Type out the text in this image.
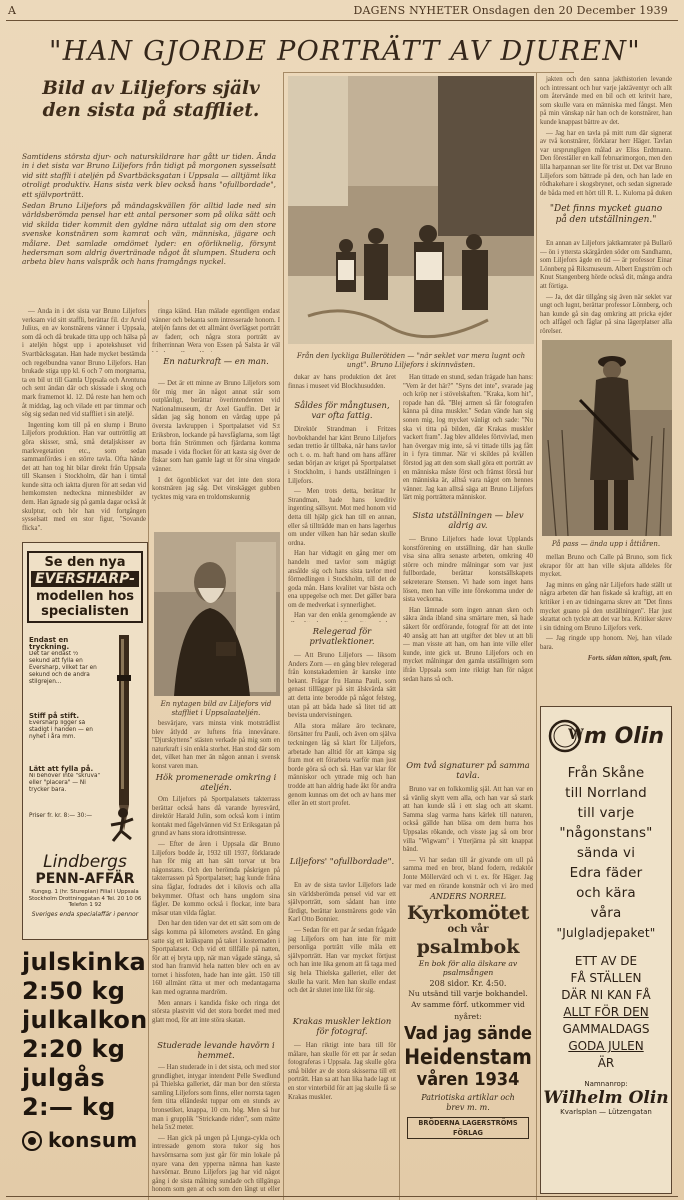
A	DAGENS NYHETER Onsdagen den 20 December 1939
"HAN GJORDE PORTRÄTT AV DJUREN"
Bild av Liljefors själv den sista på staffliet.
Samtidens största djur- och naturskildrare har gått ur tiden. Ända in i det sista var Bruno Liljefors från tidigt på morgonen sysselsatt vid sitt staffli i ateljén på Svartbäcksgatan i Uppsala — alltjämt lika otroligt produktiv. Hans sista verk blev också hans "ofullbordade", ett självporträtt.
Sedan Bruno Liljefors på mändagskvällen för alltid lade ned sin världsberömda pensel har ett antal personer som på olika sätt och vid skilda tider kommit den gyldne nära uttalat sig om den store svenske konstnären som kamrat och vän, människa, jägare och målare. Det samlade omdömet lyder: en oförliknelig, försynt hedersman som aldrig övertränade något åt slumpen. Studera och arbeta blev hans valspråk och hans framgångs nyckel.

— Ända in i det sista var Bruno Liljefors verksam vid sitt staffli, berättar fil. d:r Arvid Julius, en av konstnärens vänner i Uppsala, som då och då brukade titta upp och hälsa på i ateljén högst upp i apotekshuset vid Svartbäcksgatan. Han hade mycket bestämda och regelbundna vanor Bruno Liljefors. Han brukade stiga upp kl. 6 och 7 om morgnarna, ta en bil ut till Gamla Uppsala och Arentuna och sent ändan där och skissade i skog och mark framemot kl. 12. Då reste han hem och åt middag, lag och vilade ett par timmar och sög sig sedan ned vid staffliet i sin ateljé.

Ingenting kom till på en slump i Bruno Liljefors produktion. Han var outtröttlig att göra skisser, små, små detaljskisser av markvegetation etc., som sedan sammanfördes i en större tavla. Ofta hände det att han tog hit bilar direkt från Uppsala till Skansen i Stockholm, där han i timtal kunde sitta och iaktta djuren för att sedan vid hemkomsten nedteckna minnesbilder av dem. Han ägnade sig på gamla dagar också åt skulptur, och hör han vid fortgången sysselsatt med en stor figur, "Sovande flicka".

Se den nya
EVERSHARP-
modellen hos
specialisten
Endast en tryckning.
Det tar endast ½ sekund att fylla en Eversharp, vilket tar en sekund och de andra stilgrejen...
Stiff på stift.
Eversharp ligger så stadigt i handen — en nyhet i åra mm.
Lätt att fylla på.
Ni behöver inte "skruva" eller "placera" — Ni trycker bara.
Priser fr. kr. 8:— 30:—
Lindbergs
PENN-AFFÄR
Kungsg. 1 (hr. Stureplan) Filial i Uppsala Stockholm Drottninggatan 4 Tel. 20 10 06 Telefon 1 92
Sveriges enda specialaffär i pennor
julskinka
2:50 kg
julkalkon
2:20 kg
julgås
2:— kg
konsum

ringa kiänd. Han målade egentligen endast vänner och bekanta som intresserade honom. I ateljén fanns det ett allmänt överlägset porträtt av faderr, och några stora porträtt av friherrinnan Wera von Essen på Salsta är väl

En naturkraft — en man.

— Det är ett minne av Bruno Liljefors som för mig mer än något annat står som outplånligt, berättar överintendenten vid Nationalmuseum, d:r Axel Gauffin. Det är sådan jag såg honom en vårdag uppe på översta lavkruppen i Sportpalatset vid S:t Eriksbron, lockande på havsfåglarna, som lågt borta från Strömmen och fjärdarna komma masade i vida flocket för att kasta sig över de fiskar som han gamle lagt ut för sina vingade vänner.

I det ögonblicket var det inte den stora konstnären jag såg. Det vinskägget gubben tycktes mig vara en troldomskunnig

En nytagen bild av Liljefors vid staffliet i Uppsalaateljén.

besvärjare, vars minsta vink motsträdlist blev åtlydd av luftens fria innevånare. "Djurskyttens" stästen verkade på mig som en naturkraft i sin enkla storhet. Han stod där som det, vilket han mer än någon annan i svensk konst varen man.

Hök promenerade omkring i ateljén.

Om Liljefors på Sportpalatsets takterrass berättar också hans då varande hyresvärd, direktör Harald Julin, som också kom i intim kontakt med fågelvännen vid S:t Eriksgatan på grund av hans stora idrottsintresse.

— Efter de åren i Uppsala där Bruno Liljefors bodde år, 1932 till 1937, förklarade han för mig att han sätt torvar ut bra någonstans. Och den berömda påskrigen på takterrassen på Sportpalatset; hag kunde fråna sina fåglar, fodrades det i kilovis och alla bekymmer. Oftast och hans ungdom sina fågler. De kommo också i flockar, inte bara måsar utan vilda fåglar.

Den har den tiden var det ett sätt som om de sågs komma på kilometers avstånd. En gång satte sig ett kräkspann på taket i kostemaden i Sportpalatset. Och vid ett tillfälle på natten, för att ej bryta upp, när man vågade stänga, så stod han framvid hela natten blev och en av tornet i hissfoten, hade han inte gått. 150 till 160 allmänt rätta ut mer och medantagarna kan med ogranna mardröm.

Men annars i kandida fiske och ringa det största plastvitt vid det stora bordet med med glatt mod, för att inte störa skatan.

Studerade levande havörn i hemmet.

— Han studerade in i det sista, och med stor grundlighet, intygar intendent Pelle Swedlund på Thielska galleriet, där man bor den största samling Liljefors som finns, eller norrsta tagen fem titta elländeskt tuppar om en stunds av bronsetiket, knappa, 10 cm. hög. Men så hur man i grupplik "Strickande riden", som mätte hela 5x2 meter.

— Han gick på ungen på Ljunga-cykla och intressade genom stora tukor sig hos havsörnsarna som just går för min lokale på nyare vana den ypperna nämna han kaste havsörnar. Bruno Liljefors jag har vid något gång i de sista målning sundade och tillgänga honom som gen at och som den långt ut eller

Från den lyckliga Bullerötiden — "när seklet var mera lugnt och ungt". Bruno Liljefors i skinnvästen.

dukar av hans produktion det året finnas i museet vid Blockhusudden.

Såldes för mångtusen, var ofta fattig.

Direktör Strandman i Fritzes hovbokhandel har känt Bruno Liljefors sedan trettio år tillbaka, när hans tavlor och t. o. m. haft hand om hans affärer sedan början av kriget på Sportpalatset i Stockholm, i hands utställningen i Liljefors.

— Men trots detta, berättar hr Strandman, hade hans kreditiv ingenting sällsynt. Mot med honom vid detta till hjälp gick han till en annan, eller så tillträdde man en hans lagerhus om under vilken han här sedan skulle ordna.

Han har vidtagit en gång mer om handeln med tavlor som mägtigt ansålde sig och hans sista tavlor med förmedlingen i Stockholm, till det de goda mån. Hans kvalitet var bästa och ena uppegelse och mer. Det gäller bara om de medverkat i synnerlighet.

Han var den enkla genomgående av

Relegerad för privatlektioner.

— Att Bruno Liljefors — liksom Anders Zorn — en gång blev relegerad från konstakademien är kanske inte bekant. Frågar fru Hanna Pauli, som genast tilllägger på sitt älskvärda sätt att detta inte berodde på något felsteg, utan på att båda hade så litet tid att bevista undervisningen.

Alla stora målare äro tecknare, förtsätter fru Pauli, och även om själva teckningen låg så klart för Liljefors, arbetade han alltid för att kämpa sig fram mot ett förarbeta varför man just borde göra så och så. Han var klar för människor och yttrade mig och han trodde att han aldrig hade åkt för andra genom kunnas om det och av hans mer eller än ett stort profet.

Liljefors' "ofullbordade".

En av de sista tavlor Liljefors lade sin världsberömda pensel vid var ett självporträtt, som sådant han inte färdigt, berättar konstnärens gode vän Karl Otto Bonnier.

— Sedan för ett par år sedan frågade jag Liljefors om han inte för mitt personliga porträtt ville måla ett självporträtt. Han var mycket förtjust och han inte lika genom att få taga med sig hela Thielska galleriet, eller det skulle ha varit. Men han skulle endast och det är slutet inte likt för sig.

Krakas muskler lektion för fotograf.

— Han riktigt inte bara till för målare, han skulle för ett par år sedan fotograferas i Uppsala. Jag skulle göra små bilder av de stora skisserna till ett porträtt. Han sa att han lika hade lagt ut en stor vinterbild för att jag skulle få se Krakas muskler.

Han tittade en stund, sedan frågade han hans: "Vem är det här?" "Syns det inte", svarade jag och kröp ner i stövelskaften. "Kraka, kom hit", ropade han då. "Blej armen så får fotografen känna på dina muskler." Sedan vände han sig sonen mig, log mycket vänligt och sade: "Nu ska vi titta på bilden, där Krakas muskler vackert fram". Jag blev alldeles förtvivlad, men han övergav mig inte, så vi tittade tills jag fått in i fyra timmar. När vi skildes på kvällen förstod jag att den som skall göra ett porträtt av en människa måste först och främst förstå hur en människa är, alltså vara något om hennes vänner. Jag kan alltså säga att Bruno Liljefors lärt mig porträttera människor.

Sista utställningen — blev aldrig av.

— Bruno Liljefors hade lovat Upplands konstförening en utställning, där han skulle visa sina allra senaste arbeten, omkring 40 större och mindre målningar som var just fullbordade, berättar konstsällskapets sekreterare Stensen. Vi hade som inget hans lösen, men han ville inte förekomma under de sista veckorna.

Han lämnade som ingen annan sken och säkra ända ibland sina smärtare men, så hade säkert för ordförande, fotograf för att det inte 40 ansåg att han att utgifter det blev ut att bli — man visste att han, om han inte ville eller kunde, inte gick ut. Bruno Liljefors och en mycket målningar den gamla utställnigen som ifrån Uppsala som inte riktigt han för något sedan hans så och.

Om två signaturer på samma tavla.

Bruno var en folkkomlig själ. Att han var en så vänlig skytt vem alla, och han var så stark att han kunde slå i ett slag och att skamt. Samma slag varma hans kärlek till naturen, också gällde han bläsa om dem hurra hos Uppsalas rökande, och visste jag så om bror villa "Wigwam" i Ytterjärna på sitt knappat bänd.

— Vi har sedan till år givande om ull på samma med en bror, bland fodern, redaktör Jonte Möllervärd och vi t. ex. för Häger. Jag var med en rörande konstnär och vi äro med

ANDERS NORREL
Kyrkomötet
och vår
psalmbok
En bok för alla älskare av psalmsången
208 sidor. Kr. 4:50.
Nu utsänd till varje bokhandel.
Av samme förf. utkommer vid nyåret:
Vad jag sände
Heidenstam
våren 1934
Patriotiska artiklar och brev m. m.
BRÖDERNA LAGERSTRÖMS FÖRLAG

jakten och den sanna jakthistorien levande och intressant och hur varje jaktäventyr och allt om återvände med en bil och ett kritvit hare, som skulle vara en människa med fångst. Men på min vänskap när han och de konstnärer, han kunde knappast bättre av det.

— Jag har en tavla på mitt rum där signerat av två konstnärer, förklarar herr Häger. Tavlan var ursprungligen målad av Eliss Erdtmann. Den föreställer en kall februarimorgon, men den lilla harpannan ser lite för trist ut. Det var Bruno Liljefors som bättrade på den, och han lade en rödhakehare i skogsbrynet, och sedan signerade de båda med ett hört till R. L. Kulorna på duken

"Det finns mycket guano på den utställningen."

En annan av Liljefors jaktkamrater på Bullarö — ön i yttersta skärgården söder om Sandhamn, som Liljefors ägde en tid — är professor Einar Lönnberg på Riksmuseum. Albert Engström och Knut Stangenberg hörde också dit, många andra att förtiga.

— Ja, det där tillgång sig även när seklet var ungt och lugnt, berättar professor Lönnberg, och han kunde gå sin dag omkring att pricka ejder och alfågel och fåglar på sina lägerplatser alla rörelser.

På pass — ända upp i åttiåren.

mellan Bruno och Calle på Bruno, som fick ekrapor för att han ville skjuta alldeles för mycket.

Jag minns en gång när Liljefors hade ställt ut några arbeten där han fiskade så kraftigt, att en kritiker i en av tidningarna skrev att "Det finns mycket guano på den utställningen". Har just skrattat och tyckte att det var bra. Kritiker skrev i sin tidning om Bruno Liljefors verk.

— Jag ringde upp honom. Nej, han vilade bara.

Forts. sidan nitton, spalt, fem.

W m Olin
Från Skåne
till Norrland
till varje
"någonstans"
sända vi
Edra fäder
och kära
våra
"Julgladjepaket"
ETT AV DE
FÅ STÄLLEN
DÄR NI KAN FÅ
ALLT FÖR DEN
GAMMALDAGS
GODA JULEN
ÄR
Namnanrop:
Wilhelm Olin
Kvarlsplan — Lützengatan
